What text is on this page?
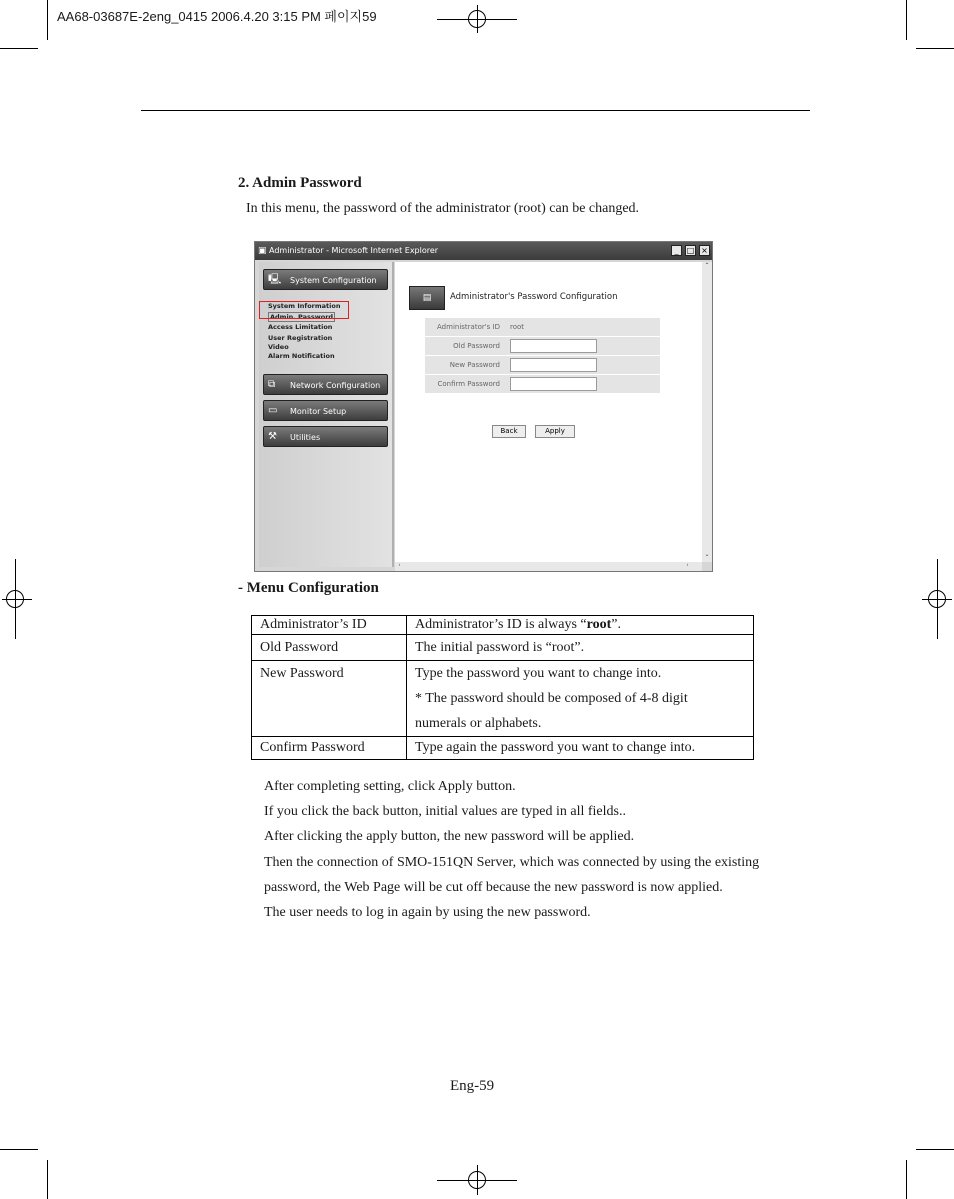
AA68-03687E-2eng_0415 2006.4.20 3:15 PM 페이지59
2. Admin Password
In this menu, the password of the administrator (root) can be changed.
▣ Administrator - Microsoft Internet Explorer	_	□ ×
🖳	System Configuration
System Information
Admin. Password
Access Limitation
User Registration
Video
Alarm Notification
⧉	Network Configuration
▭	Monitor Setup
⚒	Utilities
▤	Administrator's Password Configuration
Administrator's ID root
Old Password
New Password
Confirm Password
Back	Apply
⌃
⌄
‹	›
- Menu Configuration
Administrator’s ID	Administrator’s ID is always “root”.
Old Password	The initial password is “root”.
New Password	Type the password you want to change into.
* The password should be composed of 4-8 digit
numerals or alphabets.

Confirm Password	Type again the password you want to change into.
After completing setting, click Apply button.
If you click the back button, initial values are typed in all fields..
After clicking the apply button, the new password will be applied.
Then the connection of SMO-151QN Server, which was connected by using the existing
password, the Web Page will be cut off because the new password is now applied.
The user needs to log in again by using the new password.
Eng-59
